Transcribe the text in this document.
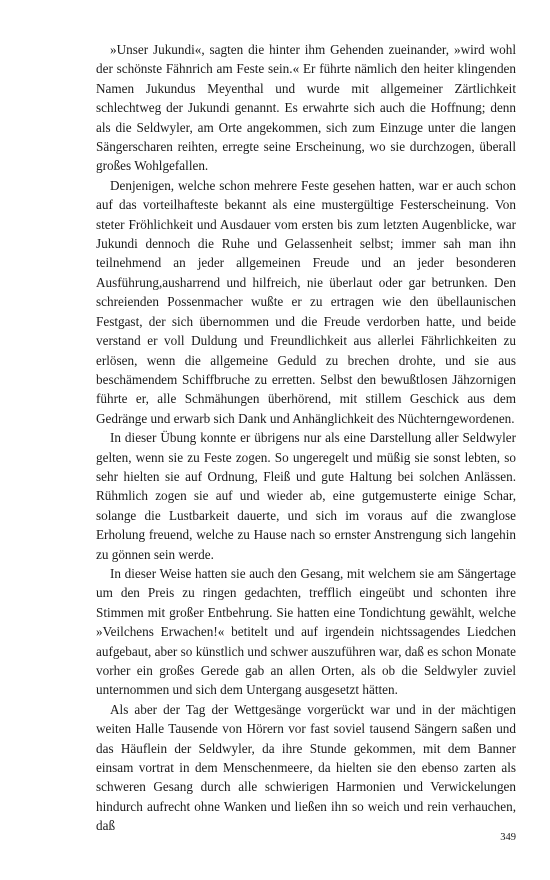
»Unser Jukundi«, sagten die hinter ihm Gehenden zueinander, »wird wohl der schönste Fähnrich am Feste sein.« Er führte nämlich den heiter klingenden Namen Jukundus Meyenthal und wurde mit allgemeiner Zärtlichkeit schlechtweg der Jukundi genannt. Es erwahrte sich auch die Hoffnung; denn als die Seldwyler, am Orte angekommen, sich zum Einzuge unter die langen Sängerscharen reihten, erregte seine Erscheinung, wo sie durchzogen, überall großes Wohlgefallen.

Denjenigen, welche schon mehrere Feste gesehen hatten, war er auch schon auf das vorteilhafteste bekannt als eine mustergültige Festerscheinung. Von steter Fröhlichkeit und Ausdauer vom ersten bis zum letzten Augenblicke, war Jukundi dennoch die Ruhe und Gelassenheit selbst; immer sah man ihn teilnehmend an jeder allgemeinen Freude und an jeder besonderen Ausführung,ausharrend und hilfreich, nie überlaut oder gar betrunken. Den schreienden Possenmacher wußte er zu ertragen wie den übellaunischen Festgast, der sich übernommen und die Freude verdorben hatte, und beide verstand er voll Duldung und Freundlichkeit aus allerlei Fährlichkeiten zu erlösen, wenn die allgemeine Geduld zu brechen drohte, und sie aus beschämendem Schiffbruche zu erretten. Selbst den bewußtlosen Jähzornigen führte er, alle Schmähungen überhörend, mit stillem Geschick aus dem Gedränge und erwarb sich Dank und Anhänglichkeit des Nüchterngewordenen.

In dieser Übung konnte er übrigens nur als eine Darstellung aller Seldwyler gelten, wenn sie zu Feste zogen. So ungeregelt und müßig sie sonst lebten, so sehr hielten sie auf Ordnung, Fleiß und gute Haltung bei solchen Anlässen. Rühmlich zogen sie auf und wieder ab, eine gutgemusterte einige Schar, solange die Lustbarkeit dauerte, und sich im voraus auf die zwanglose Erholung freuend, welche zu Hause nach so ernster Anstrengung sich langehin zu gönnen sein werde.

In dieser Weise hatten sie auch den Gesang, mit welchem sie am Sängertage um den Preis zu ringen gedachten, trefflich eingeübt und schonten ihre Stimmen mit großer Entbehrung. Sie hatten eine Tondichtung gewählt, welche »Veilchens Erwachen!« betitelt und auf irgendein nichtssagendes Liedchen aufgebaut, aber so künstlich und schwer auszuführen war, daß es schon Monate vorher ein großes Gerede gab an allen Orten, als ob die Seldwyler zuviel unternommen und sich dem Untergang ausgesetzt hätten.

Als aber der Tag der Wettgesänge vorgerückt war und in der mächtigen weiten Halle Tausende von Hörern vor fast soviel tausend Sängern saßen und das Häuflein der Seldwyler, da ihre Stunde gekommen, mit dem Banner einsam vortrat in dem Menschenmeere, da hielten sie den ebenso zarten als schweren Gesang durch alle schwierigen Harmonien und Verwickelungen hindurch aufrecht ohne Wanken und ließen ihn so weich und rein verhauchen, daß

349
